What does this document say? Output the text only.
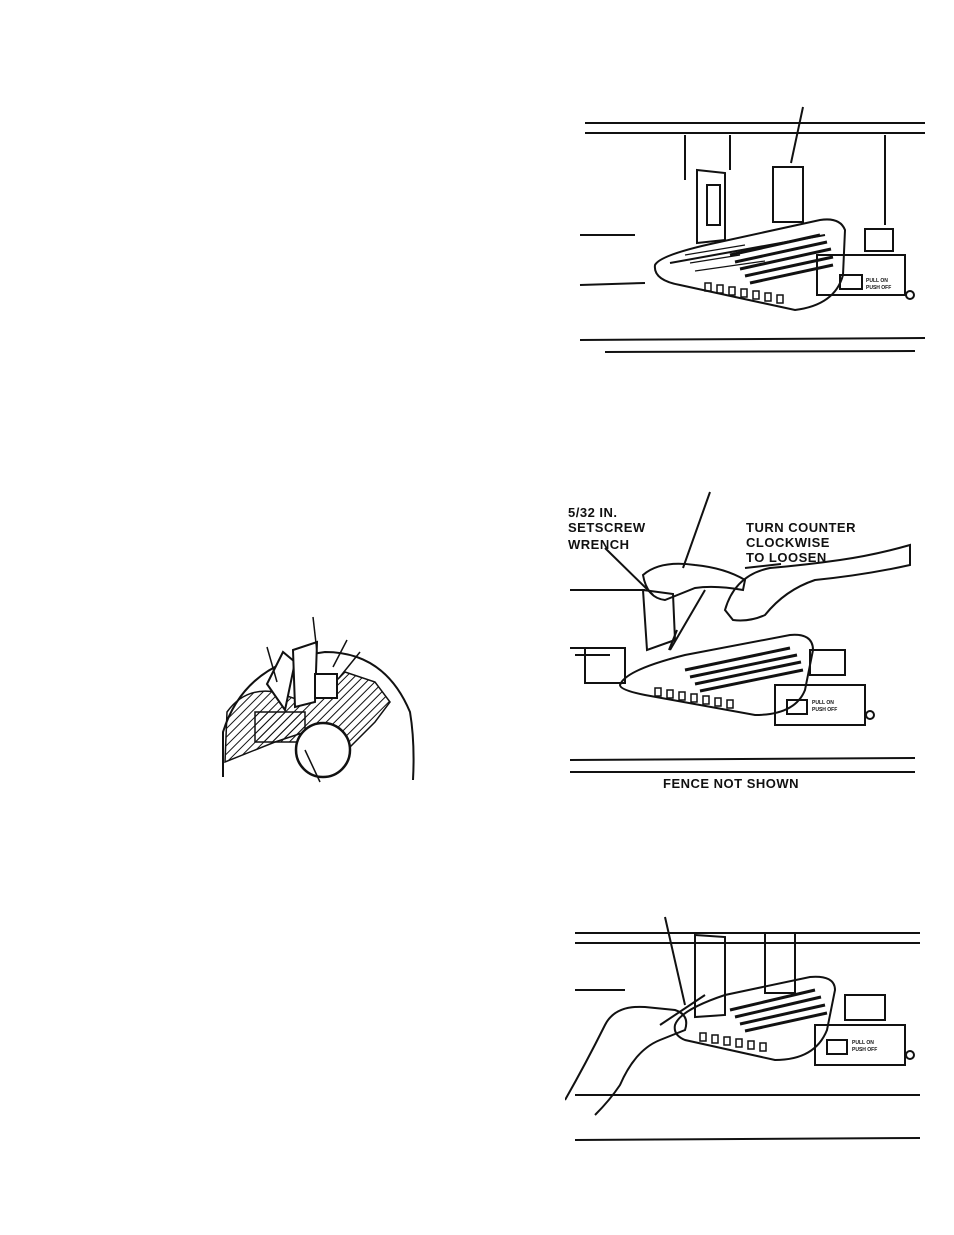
PULL ON
PUSH OFF
PULL ON
PUSH OFF
5/32 IN.
SETSCREW
WRENCH
TURN COUNTER
CLOCKWISE
TO LOOSEN
FENCE NOT SHOWN
PULL ON
PUSH OFF
